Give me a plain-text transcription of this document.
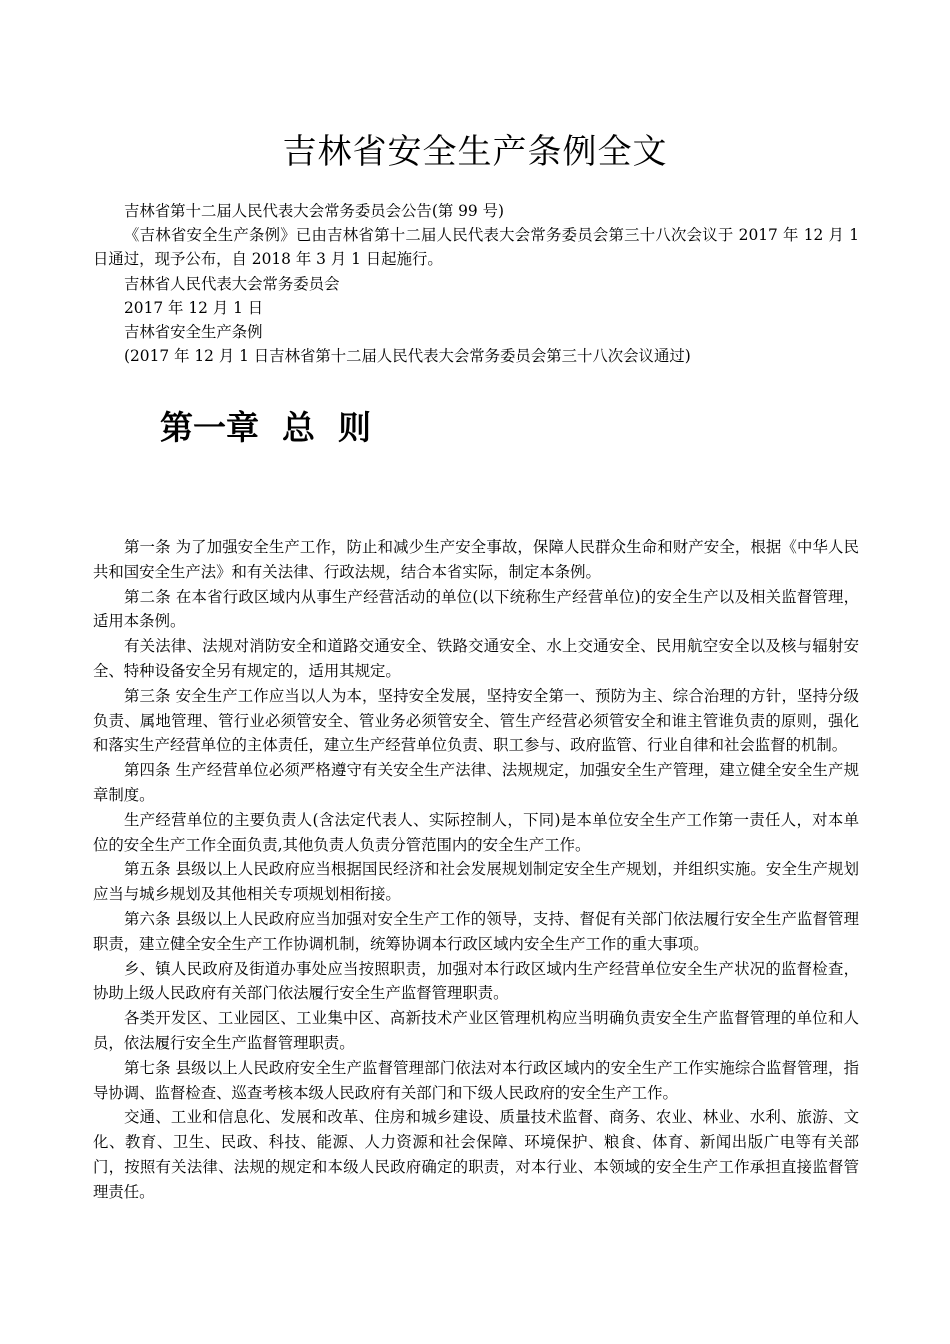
吉林省安全生产条例全文

吉林省第十二届人民代表大会常务委员会公告(第 99 号)

《吉林省安全生产条例》已由吉林省第十二届人民代表大会常务委员会第三十八次会议于 2017 年 12 月 1 日通过，现予公布，自 2018 年 3 月 1 日起施行。

吉林省人民代表大会常务委员会

2017 年 12 月 1 日

吉林省安全生产条例

(2017 年 12 月 1 日吉林省第十二届人民代表大会常务委员会第三十八次会议通过)

第一章  总  则

第一条 为了加强安全生产工作，防止和减少生产安全事故，保障人民群众生命和财产安全，根据《中华人民共和国安全生产法》和有关法律、行政法规，结合本省实际，制定本条例。

第二条 在本省行政区域内从事生产经营活动的单位(以下统称生产经营单位)的安全生产以及相关监督管理，适用本条例。

有关法律、法规对消防安全和道路交通安全、铁路交通安全、水上交通安全、民用航空安全以及核与辐射安全、特种设备安全另有规定的，适用其规定。

第三条 安全生产工作应当以人为本，坚持安全发展，坚持安全第一、预防为主、综合治理的方针，坚持分级负责、属地管理、管行业必须管安全、管业务必须管安全、管生产经营必须管安全和谁主管谁负责的原则，强化和落实生产经营单位的主体责任，建立生产经营单位负责、职工参与、政府监管、行业自律和社会监督的机制。

第四条 生产经营单位必须严格遵守有关安全生产法律、法规规定，加强安全生产管理，建立健全安全生产规章制度。

生产经营单位的主要负责人(含法定代表人、实际控制人，下同)是本单位安全生产工作第一责任人，对本单位的安全生产工作全面负责,其他负责人负责分管范围内的安全生产工作。

第五条 县级以上人民政府应当根据国民经济和社会发展规划制定安全生产规划，并组织实施。安全生产规划应当与城乡规划及其他相关专项规划相衔接。

第六条 县级以上人民政府应当加强对安全生产工作的领导，支持、督促有关部门依法履行安全生产监督管理职责，建立健全安全生产工作协调机制，统筹协调本行政区域内安全生产工作的重大事项。

乡、镇人民政府及街道办事处应当按照职责，加强对本行政区域内生产经营单位安全生产状况的监督检查，协助上级人民政府有关部门依法履行安全生产监督管理职责。

各类开发区、工业园区、工业集中区、高新技术产业区管理机构应当明确负责安全生产监督管理的单位和人员，依法履行安全生产监督管理职责。

第七条 县级以上人民政府安全生产监督管理部门依法对本行政区域内的安全生产工作实施综合监督管理，指导协调、监督检查、巡查考核本级人民政府有关部门和下级人民政府的安全生产工作。

交通、工业和信息化、发展和改革、住房和城乡建设、质量技术监督、商务、农业、林业、水利、旅游、文化、教育、卫生、民政、科技、能源、人力资源和社会保障、环境保护、粮食、体育、新闻出版广电等有关部门，按照有关法律、法规的规定和本级人民政府确定的职责，对本行业、本领域的安全生产工作承担直接监督管理责任。
